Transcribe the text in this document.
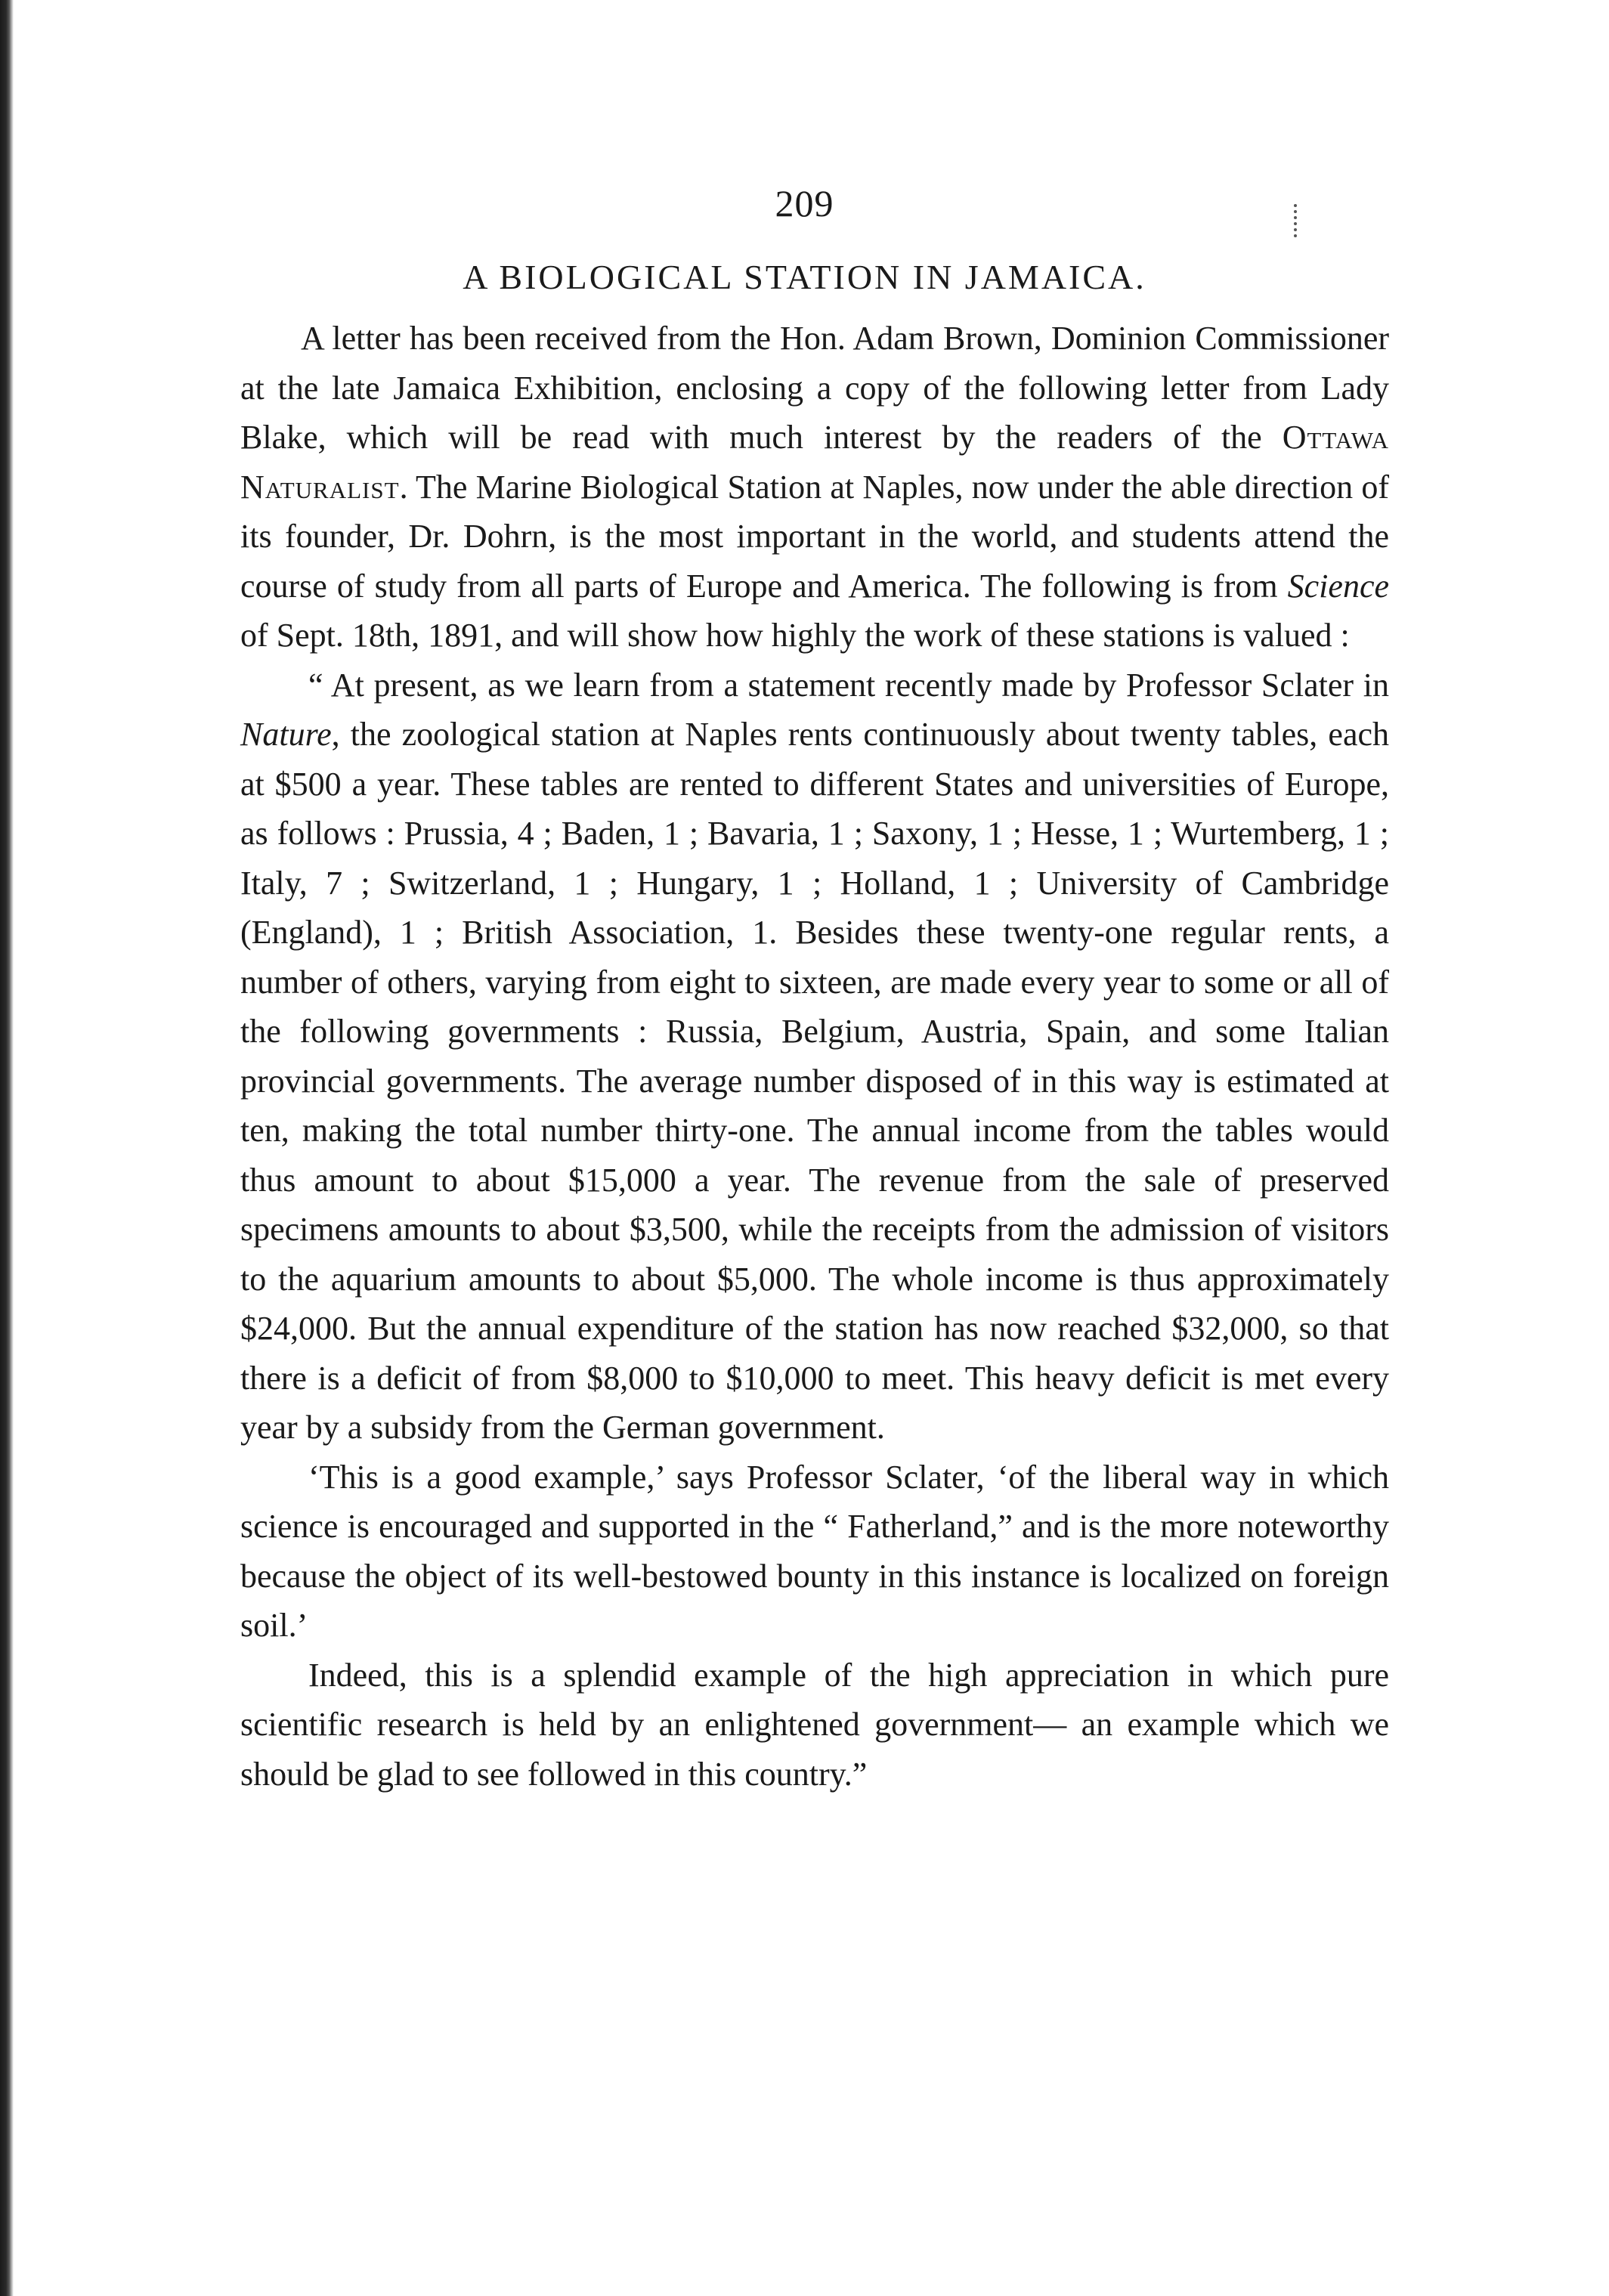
209
A BIOLOGICAL STATION IN JAMAICA.

A letter has been received from the Hon. Adam Brown, Dominion Commissioner at the late Jamaica Exhibition, enclosing a copy of the following letter from Lady Blake, which will be read with much interest by the readers of the Ottawa Naturalist. The Marine Biological Station at Naples, now under the able direction of its founder, Dr. Dohrn, is the most important in the world, and students attend the course of study from all parts of Europe and America. The following is from Science of Sept. 18th, 1891, and will show how highly the work of these stations is valued :

“ At present, as we learn from a statement recently made by Professor Sclater in Nature, the zoological station at Naples rents continuously about twenty tables, each at $500 a year. These tables are rented to different States and universities of Europe, as follows : Prussia, 4 ; Baden, 1 ; Bavaria, 1 ; Saxony, 1 ; Hesse, 1 ; Wurtemberg, 1 ; Italy, 7 ; Switzerland, 1 ; Hungary, 1 ; Holland, 1 ; University of Cambridge (England), 1 ; British Association, 1. Besides these twenty-one regular rents, a number of others, varying from eight to sixteen, are made every year to some or all of the following governments : Russia, Belgium, Austria, Spain, and some Italian provincial governments. The average number disposed of in this way is estimated at ten, making the total number thirty-one. The annual income from the tables would thus amount to about $15,000 a year. The revenue from the sale of preserved specimens amounts to about $3,500, while the receipts from the admission of visitors to the aquarium amounts to about $5,000. The whole income is thus approximately $24,000. But the annual expenditure of the station has now reached $32,000, so that there is a deficit of from $8,000 to $10,000 to meet. This heavy deficit is met every year by a subsidy from the German government.

‘This is a good example,’ says Professor Sclater, ‘of the liberal way in which science is encouraged and supported in the “ Fatherland,” and is the more noteworthy because the object of its well-bestowed bounty in this instance is localized on foreign soil.’

Indeed, this is a splendid example of the high appreciation in which pure scientific research is held by an enlightened government— an example which we should be glad to see followed in this country.”
